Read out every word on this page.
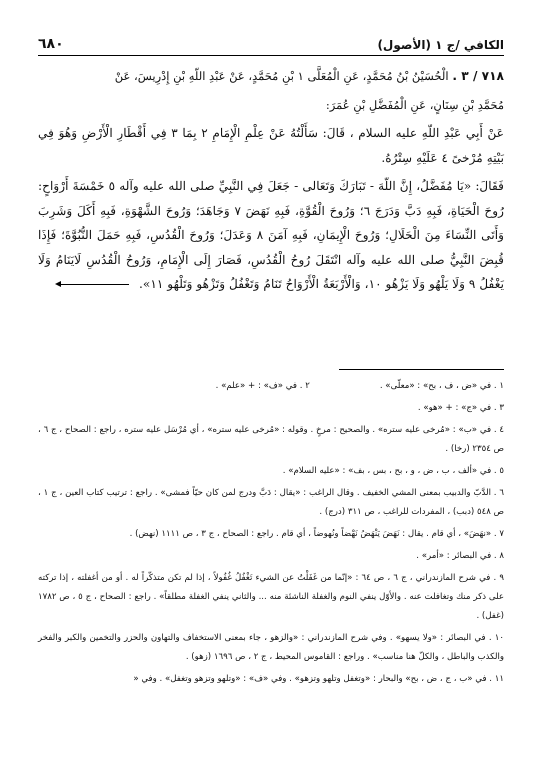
الكافي /ج ١ (الأصول)
٦٨٠

٧١٨ / ٣ . الْحُسَيْنُ بْنُ مُحَمَّدٍ، عَنِ الْمُعَلَّى ١ بْنِ مُحَمَّدٍ، عَنْ عَبْدِ اللّهِ بْنِ إِدْرِيسَ، عَنْ

مُحَمَّدِ بْنِ سِنَانٍ، عَنِ الْمُفَضَّلِ بْنِ عُمَرَ:

عَنْ أَبِي عَبْدِ اللّهِ عليه السلام ، قَالَ: سَأَلْتُهُ عَنْ عِلْمِ الْإِمَامِ ٢ بِمَا ٣ فِي أَقْطَارِ الْأَرْضِ وَهُوَ فِي بَيْتِهِ مُرْخىً ٤ عَلَيْهِ سِتْرُهُ.

فَقَالَ: «يَا مُفَضَّلُ، إِنَّ اللّهَ - تَبَارَكَ وَتَعَالى - جَعَلَ فِي النَّبِيِّ صلى الله عليه وآله ٥ خَمْسَةَ أَرْوَاحٍ: رُوحَ الْحَيَاةِ، فَبِهِ دَبَّ وَدَرَجَ ٦؛ وَرُوحَ الْقُوَّةِ، فَبِهِ نَهَضَ ٧ وَجَاهَدَ؛ وَرُوحَ الشَّهْوَةِ، فَبِهِ أَكَلَ وَشَرِبَ وَأَتَى النِّسَاءَ مِنَ الْحَلَالِ؛ وَرُوحَ الْإِيمَانِ، فَبِهِ آمَنَ ٨ وَعَدَلَ؛ وَرُوحَ الْقُدُسِ، فَبِهِ حَمَلَ النُّبُوَّةَ؛ فَإِذَا قُبِضَ النَّبِيُّ صلى الله عليه وآله انْتَقَلَ رُوحُ الْقُدُسِ، فَصَارَ إِلَى الْإِمَامِ، وَرُوحُ الْقُدُسِ لَايَنَامُ وَلَا يَغْفُلُ ٩ وَلَا يَلْهُو وَلَا يَزْهُو ١٠، وَالْأَرْبَعَةُ الْأَرْوَاحُ تَنَامُ وَتَغْفُلُ وَتَزْهُو وَتَلْهُو ١١».

١ . في «ض ، ف ، بح» : «معلّى» .
٢ . في «ف» : + «علم» .
٣ . في «ج» : + «هو» .
٤ . في «ب» : «مُرخى عليه ستره» . والصحيح : مرخٍ . وقوله : «مُرخى عليه ستره» ، أي مُرْسَل عليه ستره ، راجع : الصحاح ، ج ٦ ، ص ٢٣٥٤ (رخا) .
٥ . في «ألف ، ب ، ض ، و ، بح ، بس ، بف» : «عليه السلام» .
٦ . الدَّبّ والدبيب بمعنى المشي الخفيف . وقال الراغب : «يقال : دَبَّ ودرج لمن كان حيّاً فمشى» . راجع : ترتيب كتاب العين ، ج ١ ، ص ٥٤٨ (دبب) ، المفردات للراغب ، ص ٣١١ (درج) .
٧ . «نهَضَ» ، أي قام . يقال : نَهَضَ يَنْهَضُ نَهْضاً ونُهوضاً ، أي قام . راجع : الصحاح ، ج ٣ ، ص ١١١١ (نهض) .
٨ . في البصائر : «أمر» .
٩ . في شرح المازندراني ، ج ٦ ، ص ٦٤ : «إنّما من غَفَلْتُ عن الشيء تَغْفُلُ غُفُولاً ، إذا لم تكن متذكّراً له . أو من أغفلته ، إذا تركته على ذكر منك وتغافلت عنه . والأوّل ينفي النوم والغفلة الناشئة منه ... والثاني ينفي الغفلة مطلقاً» . راجع : الصحاح ، ج ٥ ، ص ١٧٨٢ (غفل) .
١٠ . في البصائر : «ولا يسهو» . وفي شرح المازندراني : «والزهو ، جاء بمعنى الاستخفاف والتهاون والحزر والتخمين والكبر والفخر والكذب والباطل ، والكلّ هنا مناسب» . وراجع : القاموس المحيط ، ج ٢ ، ص ١٦٩٦ (زهو) .
١١ . في «ب ، ج ، ض ، بح» والبحار : «وتغفل وتلهو وتزهو» . وفي «ف» : «وتلهو وتزهو وتغفل» . وفي «
